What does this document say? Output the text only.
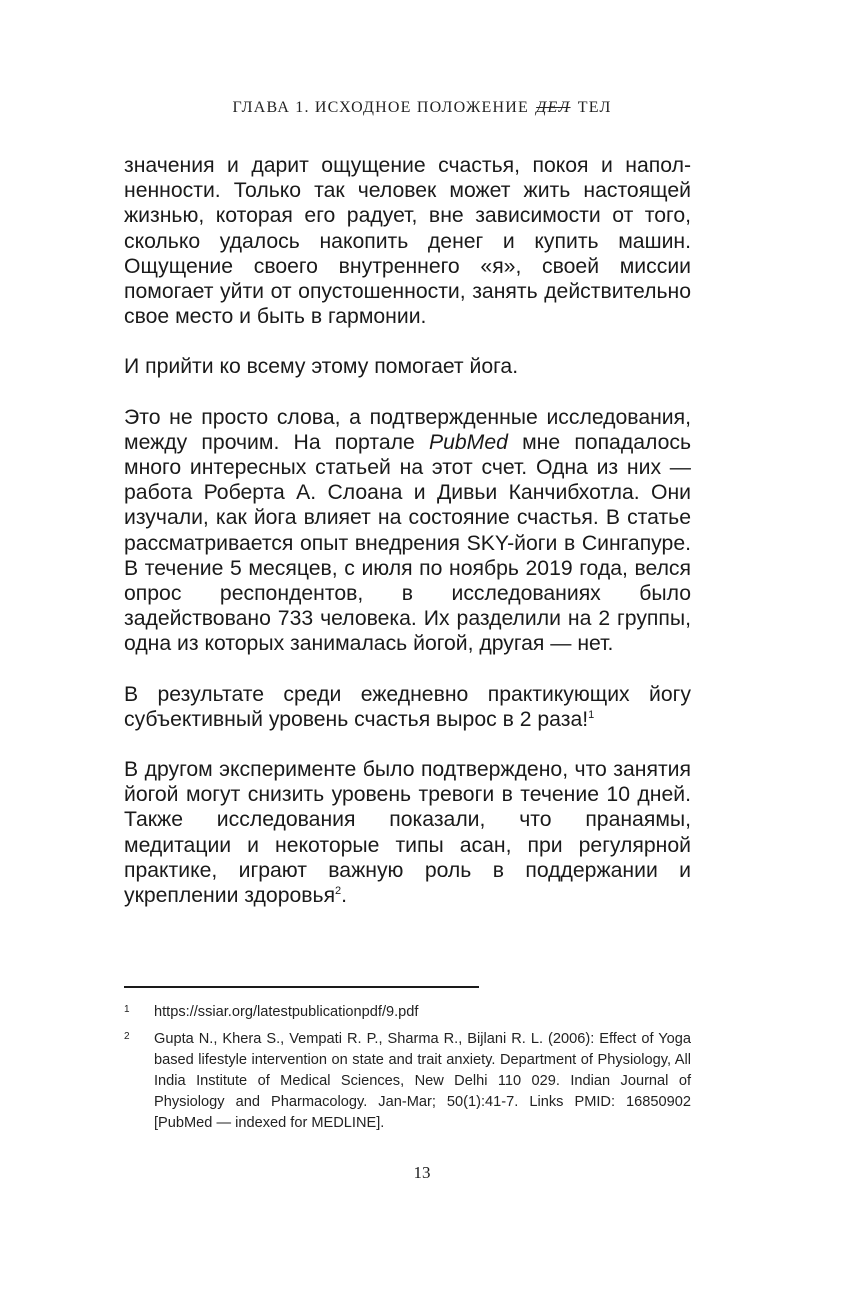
ГЛАВА 1. ИСХОДНОЕ ПОЛОЖЕНИЕ ДЕЛ ТЕЛ

значения и дарит ощущение счастья, покоя и наполненности. Только так человек может жить настоящей жизнью, которая его радует, вне зависимости от того, сколько удалось накопить денег и купить машин. Ощущение своего внутреннего «я», своей миссии помогает уйти от опустошенности, занять действительно свое место и быть в гармонии.

И прийти ко всему этому помогает йога.

Это не просто слова, а подтвержденные исследования, между прочим. На портале PubMed мне попадалось много интересных статьей на этот счет. Одна из них — работа Роберта А. Слоана и Дивьи Канчибхотла. Они изучали, как йога влияет на состояние счастья. В статье рассматривается опыт внедрения SKY-йоги в Сингапуре. В течение 5 месяцев, с июля по ноябрь 2019 года, велся опрос респондентов, в исследованиях было задействовано 733 человека. Их разделили на 2 группы, одна из которых занималась йогой, другая — нет.

В результате среди ежедневно практикующих йогу субъективный уровень счастья вырос в 2 раза!$^1$

В другом эксперименте было подтверждено, что занятия йогой могут снизить уровень тревоги в течение 10 дней. Также исследования показали, что пранаямы, медитации и некоторые типы асан, при регулярной практике, играют важную роль в поддержании и укреплении здоровья$^2$.

1	https://ssiar.org/latestpublicationpdf/9.pdf
2	Gupta N., Khera S., Vempati R. P., Sharma R., Bijlani R. L. (2006): Effect of Yoga based lifestyle intervention on state and trait anxiety. Department of Physiology, All India Institute of Medical Sciences, New Delhi 110 029. Indian Journal of Physiology and Pharmacology. Jan-Mar; 50(1):41-7. Links PMID: 16850902 [PubMed — indexed for MEDLINE].
13
